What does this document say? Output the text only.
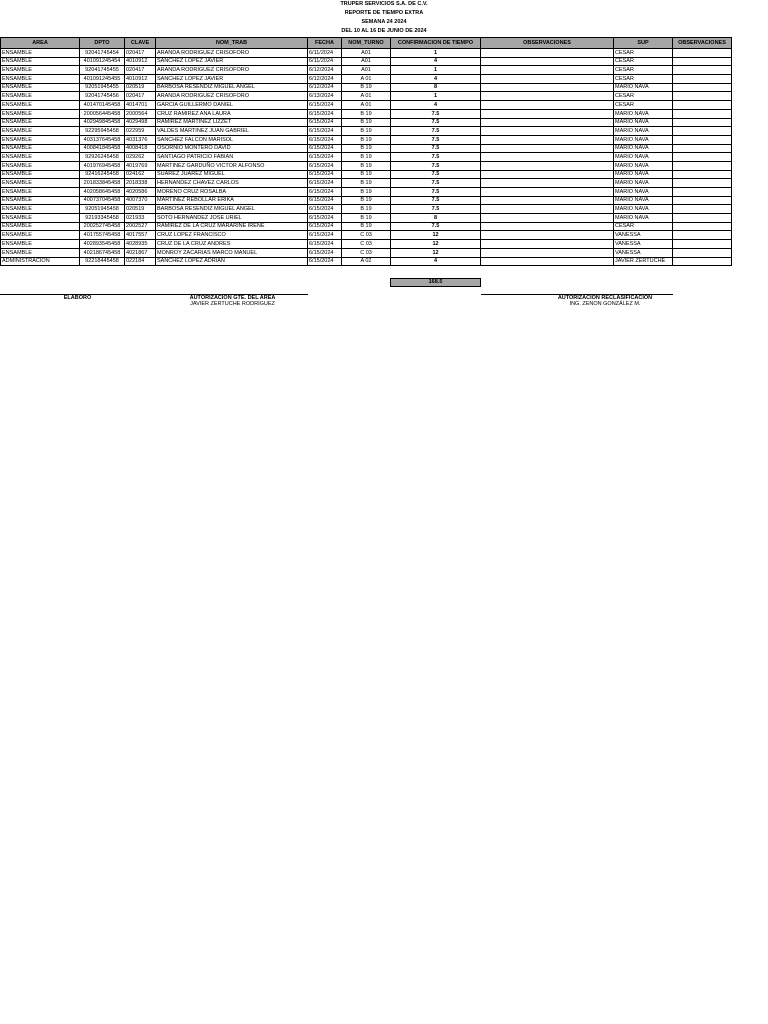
TRUPER SERVICIOS S.A. DE C.V.
REPORTE DE TIEMPO EXTRA
SEMANA 24 2024
DEL 10 AL 16 DE JUNIO DE 2024
AREA	DPTO	CLAVE	NOM_TRAB	FECHA	NOM_TURNO	CONFIRMACION DE TIEMPO	OBSERVACIONES	SUP	OBSERVACIONES
ENSAMBLE	92041745454	020417	ARANDA RODRIGUEZ CRISOFORO	6/11/2024	A01	1		CESAR	
ENSAMBLE	401091245454	4010912	SANCHEZ LOPEZ JAVIER	6/11/2024	A01	4		CESAR	
ENSAMBLE	92041745455	020417	ARANDA RODRIGUEZ CRISOFORO	6/12/2024	A01	1		CESAR	
ENSAMBLE	401091245455	4010912	SANCHEZ LOPEZ JAVIER	6/12/2024	A 01	4		CESAR	
ENSAMBLE	92051945455	020519	BARBOSA RESENDIZ MIGUEL ANGEL	6/12/2024	B 19	8		MARIO NAVA	
ENSAMBLE	92041745456	020417	ARANDA RODRIGUEZ CRISOFORO	6/13/2024	A 01	1		CESAR	
ENSAMBLE	401470145458	4014701	GARCIA GUILLERMO DANIEL	6/15/2024	A 01	4		CESAR	
ENSAMBLE	200056445458	2000564	CRUZ RAMIREZ ANA LAURA	6/15/2024	B 19	7.5		MARIO NAVA	
ENSAMBLE	402949845458	4029498	RAMIREZ MARTINEZ LIZZET	6/15/2024	B 19	7.5		MARIO NAVA	
ENSAMBLE	92295945458	022959	VALDES MARTINEZ JUAN GABRIEL	6/15/2024	B 19	7.5		MARIO NAVA	
ENSAMBLE	403137645458	4031376	SANCHEZ FALCON MARISOL	6/15/2024	B 19	7.5		MARIO NAVA	
ENSAMBLE	400841845458	4008418	OSORNIO MONTERO DAVID	6/15/2024	B 19	7.5		MARIO NAVA	
ENSAMBLE	92926245458	029262	SANTIAGO PATRICIO FABIAN	6/15/2024	B 19	7.5		MARIO NAVA	
ENSAMBLE	401976945458	4019769	MARTINEZ GARDUÑO VICTOR ALFONSO	6/15/2024	B 19	7.5		MARIO NAVA	
ENSAMBLE	92416245458	024162	SUAREZ JUAREZ MIGUEL	6/15/2024	B 19	7.5		MARIO NAVA	
ENSAMBLE	201833845458	2018338	HERNANDEZ CHAVEZ CARLOS	6/15/2024	B 19	7.5		MARIO NAVA	
ENSAMBLE	402058645458	4020586	MORENO CRUZ ROSALBA	6/15/2024	B 19	7.5		MARIO NAVA	
ENSAMBLE	400737045458	4007370	MARTINEZ REBOLLAR ERIKA	6/15/2024	B 19	7.5		MARIO NAVA	
ENSAMBLE	92051945458	020519	BARBOSA RESENDIZ MIGUEL ANGEL	6/15/2024	B 19	7.5		MARIO NAVA	
ENSAMBLE	92193345458	021933	SOTO HERNANDEZ JOSE URIEL	6/15/2024	B 19	8		MARIO NAVA	
ENSAMBLE	200252745458	2002527	RAMIREZ DE LA CRUZ MARARINE IRENE	6/15/2024	B 19	7.5		CESAR	
ENSAMBLE	401755745458	4017557	CRUZ LOPEZ FRANCISCO	6/15/2024	C 03	12		VANESSA	
ENSAMBLE	402893545458	4028935	CRUZ DE LA CRUZ ANDRES	6/15/2024	C 03	12		VANESSA	
ENSAMBLE	402186745458	4021867	MONROY ZACARIAS MARCO MANUEL	6/15/2024	C 03	12		VANESSA	
ADMINISTRACION	92218445458	022184	SANCHEZ LOPEZ ADRIAN	6/15/2024	A 02	4		JAVIER ZERTUCHE	
168.5
ELABORO	AUTORIZACION GTE. DEL AREA
JAVIER ZERTUCHE RODRIGUEZ
AUTORIZACION RECLASIFICACION
ING. ZENON GONZÁLEZ M.
